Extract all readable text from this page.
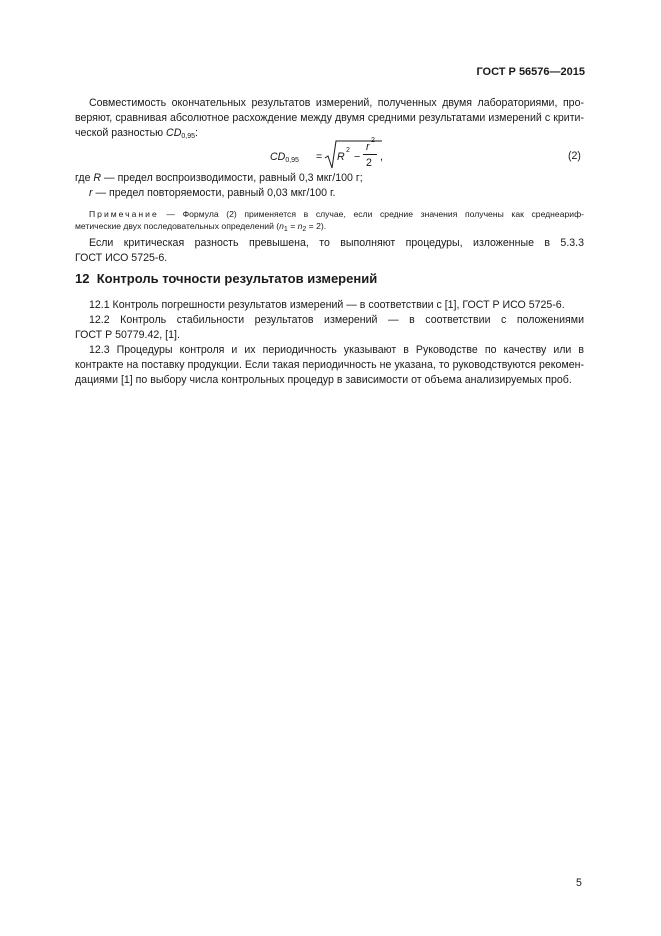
ГОСТ Р 56576—2015
Совместимость окончательных результатов измерений, полученных двумя лабораториями, про-
веряют, сравнивая абсолютное расхождение между двумя средними результатами измерений с крити-
ческой разностью $CD_{0,95}$:
$CD_{0,95} = R$
2
−
r
2
2 ,	(2)
где R — предел воспроизводимости, равный 0,3 мкг/100 г;
r — предел повторяемости, равный 0,03 мкг/100 г.
Примечание — Формула (2) применяется в случае, если средние значения получены как среднеариф-
метические двух последовательных определений $(n_1 = n_2 = 2)$.
Если критическая разность превышена, то выполняют процедуры, изложенные в 5.3.3
ГОСТ ИСО 5725-6.
12 Контроль точности результатов измерений
12.1 Контроль погрешности результатов измерений — в соответствии с [1], ГОСТ Р ИСО 5725-6.
12.2 Контроль стабильности результатов измерений — в соответствии с положениями
ГОСТ Р 50779.42, [1].
12.3 Процедуры контроля и их периодичность указывают в Руководстве по качеству или в
контракте на поставку продукции. Если такая периодичность не указана, то руководствуются рекомен-
дациями [1] по выбору числа контрольных процедур в зависимости от объема анализируемых проб.
5
